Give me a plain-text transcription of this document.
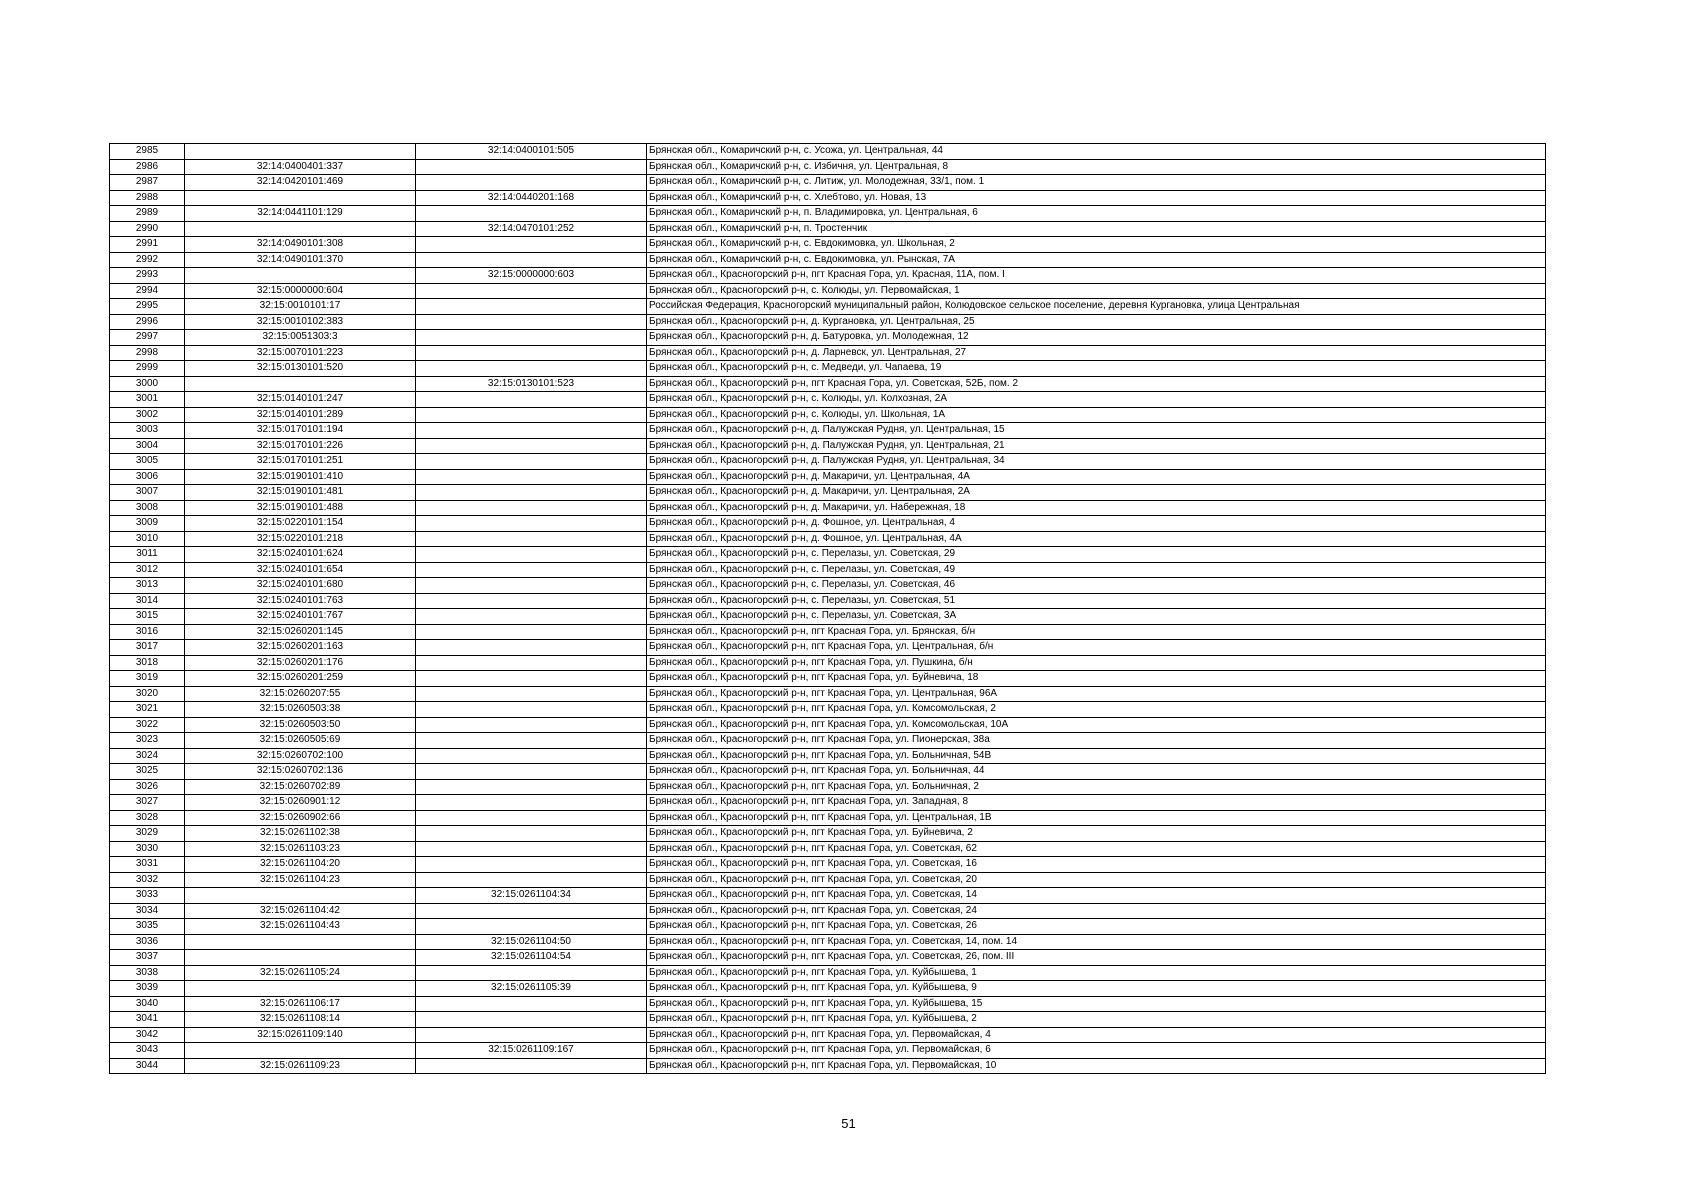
2985		32:14:0400101:505	Брянская обл., Комаричский р-н, с. Усожа, ул. Центральная, 44
2986	32:14:0400401:337		Брянская обл., Комаричский р-н, с. Избичня, ул. Центральная, 8
2987	32:14:0420101:469		Брянская обл., Комаричский р-н, с. Литиж, ул. Молодежная, 33/1, пом. 1
2988		32:14:0440201:168	Брянская обл., Комаричский р-н, с. Хлебтово, ул. Новая, 13
2989	32:14:0441101:129		Брянская обл., Комаричский р-н, п. Владимировка, ул. Центральная, 6
2990		32:14:0470101:252	Брянская обл., Комаричский р-н, п. Тростенчик
2991	32:14:0490101:308		Брянская обл., Комаричский р-н, с. Евдокимовка, ул. Школьная, 2
2992	32:14:0490101:370		Брянская обл., Комаричский р-н, с. Евдокимовка, ул. Рынская, 7А
2993		32:15:0000000:603	Брянская обл., Красногорский р-н, пгт Красная Гора, ул. Красная, 11А, пом. I
2994	32:15:0000000:604		Брянская обл., Красногорский р-н, с. Колюды, ул. Первомайская, 1
2995	32:15:0010101:17		Российская Федерация, Красногорский муниципальный район, Колюдовское сельское поселение, деревня Кургановка, улица Центральная
2996	32:15:0010102:383		Брянская обл., Красногорский р-н, д. Кургановка, ул. Центральная, 25
2997	32:15:0051303:3		Брянская обл., Красногорский р-н, д. Батуровка, ул. Молодежная, 12
2998	32:15:0070101:223		Брянская обл., Красногорский р-н, д. Ларневск, ул. Центральная, 27
2999	32:15:0130101:520		Брянская обл., Красногорский р-н, с. Медведи, ул. Чапаева, 19
3000		32:15:0130101:523	Брянская обл., Красногорский р-н, пгт Красная Гора, ул. Советская, 52Б, пом. 2
3001	32:15:0140101:247		Брянская обл., Красногорский р-н, с. Колюды, ул. Колхозная, 2А
3002	32:15:0140101:289		Брянская обл., Красногорский р-н, с. Колюды, ул. Школьная, 1А
3003	32:15:0170101:194		Брянская обл., Красногорский р-н, д. Палужская Рудня, ул. Центральная, 15
3004	32:15:0170101:226		Брянская обл., Красногорский р-н, д. Палужская Рудня, ул. Центральная, 21
3005	32:15:0170101:251		Брянская обл., Красногорский р-н, д. Палужская Рудня, ул. Центральная, 34
3006	32:15:0190101:410		Брянская обл., Красногорский р-н, д. Макаричи, ул. Центральная, 4А
3007	32:15:0190101:481		Брянская обл., Красногорский р-н, д. Макаричи, ул. Центральная, 2А
3008	32:15:0190101:488		Брянская обл., Красногорский р-н, д. Макаричи, ул. Набережная, 18
3009	32:15:0220101:154		Брянская обл., Красногорский р-н, д. Фошное, ул. Центральная, 4
3010	32:15:0220101:218		Брянская обл., Красногорский р-н, д. Фошное, ул. Центральная, 4А
3011	32:15:0240101:624		Брянская обл., Красногорский р-н, с. Перелазы, ул. Советская, 29
3012	32:15:0240101:654		Брянская обл., Красногорский р-н, с. Перелазы, ул. Советская, 49
3013	32:15:0240101:680		Брянская обл., Красногорский р-н, с. Перелазы, ул. Советская, 46
3014	32:15:0240101:763		Брянская обл., Красногорский р-н, с. Перелазы, ул. Советская, 51
3015	32:15:0240101:767		Брянская обл., Красногорский р-н, с. Перелазы, ул. Советская, 3А
3016	32:15:0260201:145		Брянская обл., Красногорский р-н, пгт Красная Гора, ул. Брянская, б/н
3017	32:15:0260201:163		Брянская обл., Красногорский р-н, пгт Красная Гора, ул. Центральная, б/н
3018	32:15:0260201:176		Брянская обл., Красногорский р-н, пгт Красная Гора, ул. Пушкина, б/н
3019	32:15:0260201:259		Брянская обл., Красногорский р-н, пгт Красная Гора, ул. Буйневича, 18
3020	32:15:0260207:55		Брянская обл., Красногорский р-н, пгт Красная Гора, ул. Центральная, 96А
3021	32:15:0260503:38		Брянская обл., Красногорский р-н, пгт Красная Гора, ул. Комсомольская, 2
3022	32:15:0260503:50		Брянская обл., Красногорский р-н, пгт Красная Гора, ул. Комсомольская, 10А
3023	32:15:0260505:69		Брянская обл., Красногорский р-н, пгт Красная Гора, ул. Пионерская, 38а
3024	32:15:0260702:100		Брянская обл., Красногорский р-н, пгт Красная Гора, ул. Больничная, 54В
3025	32:15:0260702:136		Брянская обл., Красногорский р-н, пгт Красная Гора, ул. Больничная, 44
3026	32:15:0260702:89		Брянская обл., Красногорский р-н, пгт Красная Гора, ул. Больничная, 2
3027	32:15:0260901:12		Брянская обл., Красногорский р-н, пгт Красная Гора, ул. Западная, 8
3028	32:15:0260902:66		Брянская обл., Красногорский р-н, пгт Красная Гора, ул. Центральная, 1В
3029	32:15:0261102:38		Брянская обл., Красногорский р-н, пгт Красная Гора, ул. Буйневича, 2
3030	32:15:0261103:23		Брянская обл., Красногорский р-н, пгт Красная Гора, ул. Советская, 62
3031	32:15:0261104:20		Брянская обл., Красногорский р-н, пгт Красная Гора, ул. Советская, 16
3032	32:15:0261104:23		Брянская обл., Красногорский р-н, пгт Красная Гора, ул. Советская, 20
3033		32:15:0261104:34	Брянская обл., Красногорский р-н, пгт Красная Гора, ул. Советская, 14
3034	32:15:0261104:42		Брянская обл., Красногорский р-н, пгт Красная Гора, ул. Советская, 24
3035	32:15:0261104:43		Брянская обл., Красногорский р-н, пгт Красная Гора, ул. Советская, 26
3036		32:15:0261104:50	Брянская обл., Красногорский р-н, пгт Красная Гора, ул. Советская, 14, пом. 14
3037		32:15:0261104:54	Брянская обл., Красногорский р-н, пгт Красная Гора, ул. Советская, 26, пом. III
3038	32:15:0261105:24		Брянская обл., Красногорский р-н, пгт Красная Гора, ул. Куйбышева, 1
3039		32:15:0261105:39	Брянская обл., Красногорский р-н, пгт Красная Гора, ул. Куйбышева, 9
3040	32:15:0261106:17		Брянская обл., Красногорский р-н, пгт Красная Гора, ул. Куйбышева, 15
3041	32:15:0261108:14		Брянская обл., Красногорский р-н, пгт Красная Гора, ул. Куйбышева, 2
3042	32:15:0261109:140		Брянская обл., Красногорский р-н, пгт Красная Гора, ул. Первомайская, 4
3043		32:15:0261109:167	Брянская обл., Красногорский р-н, пгт Красная Гора, ул. Первомайская, 6
3044	32:15:0261109:23		Брянская обл., Красногорский р-н, пгт Красная Гора, ул. Первомайская, 10
51
